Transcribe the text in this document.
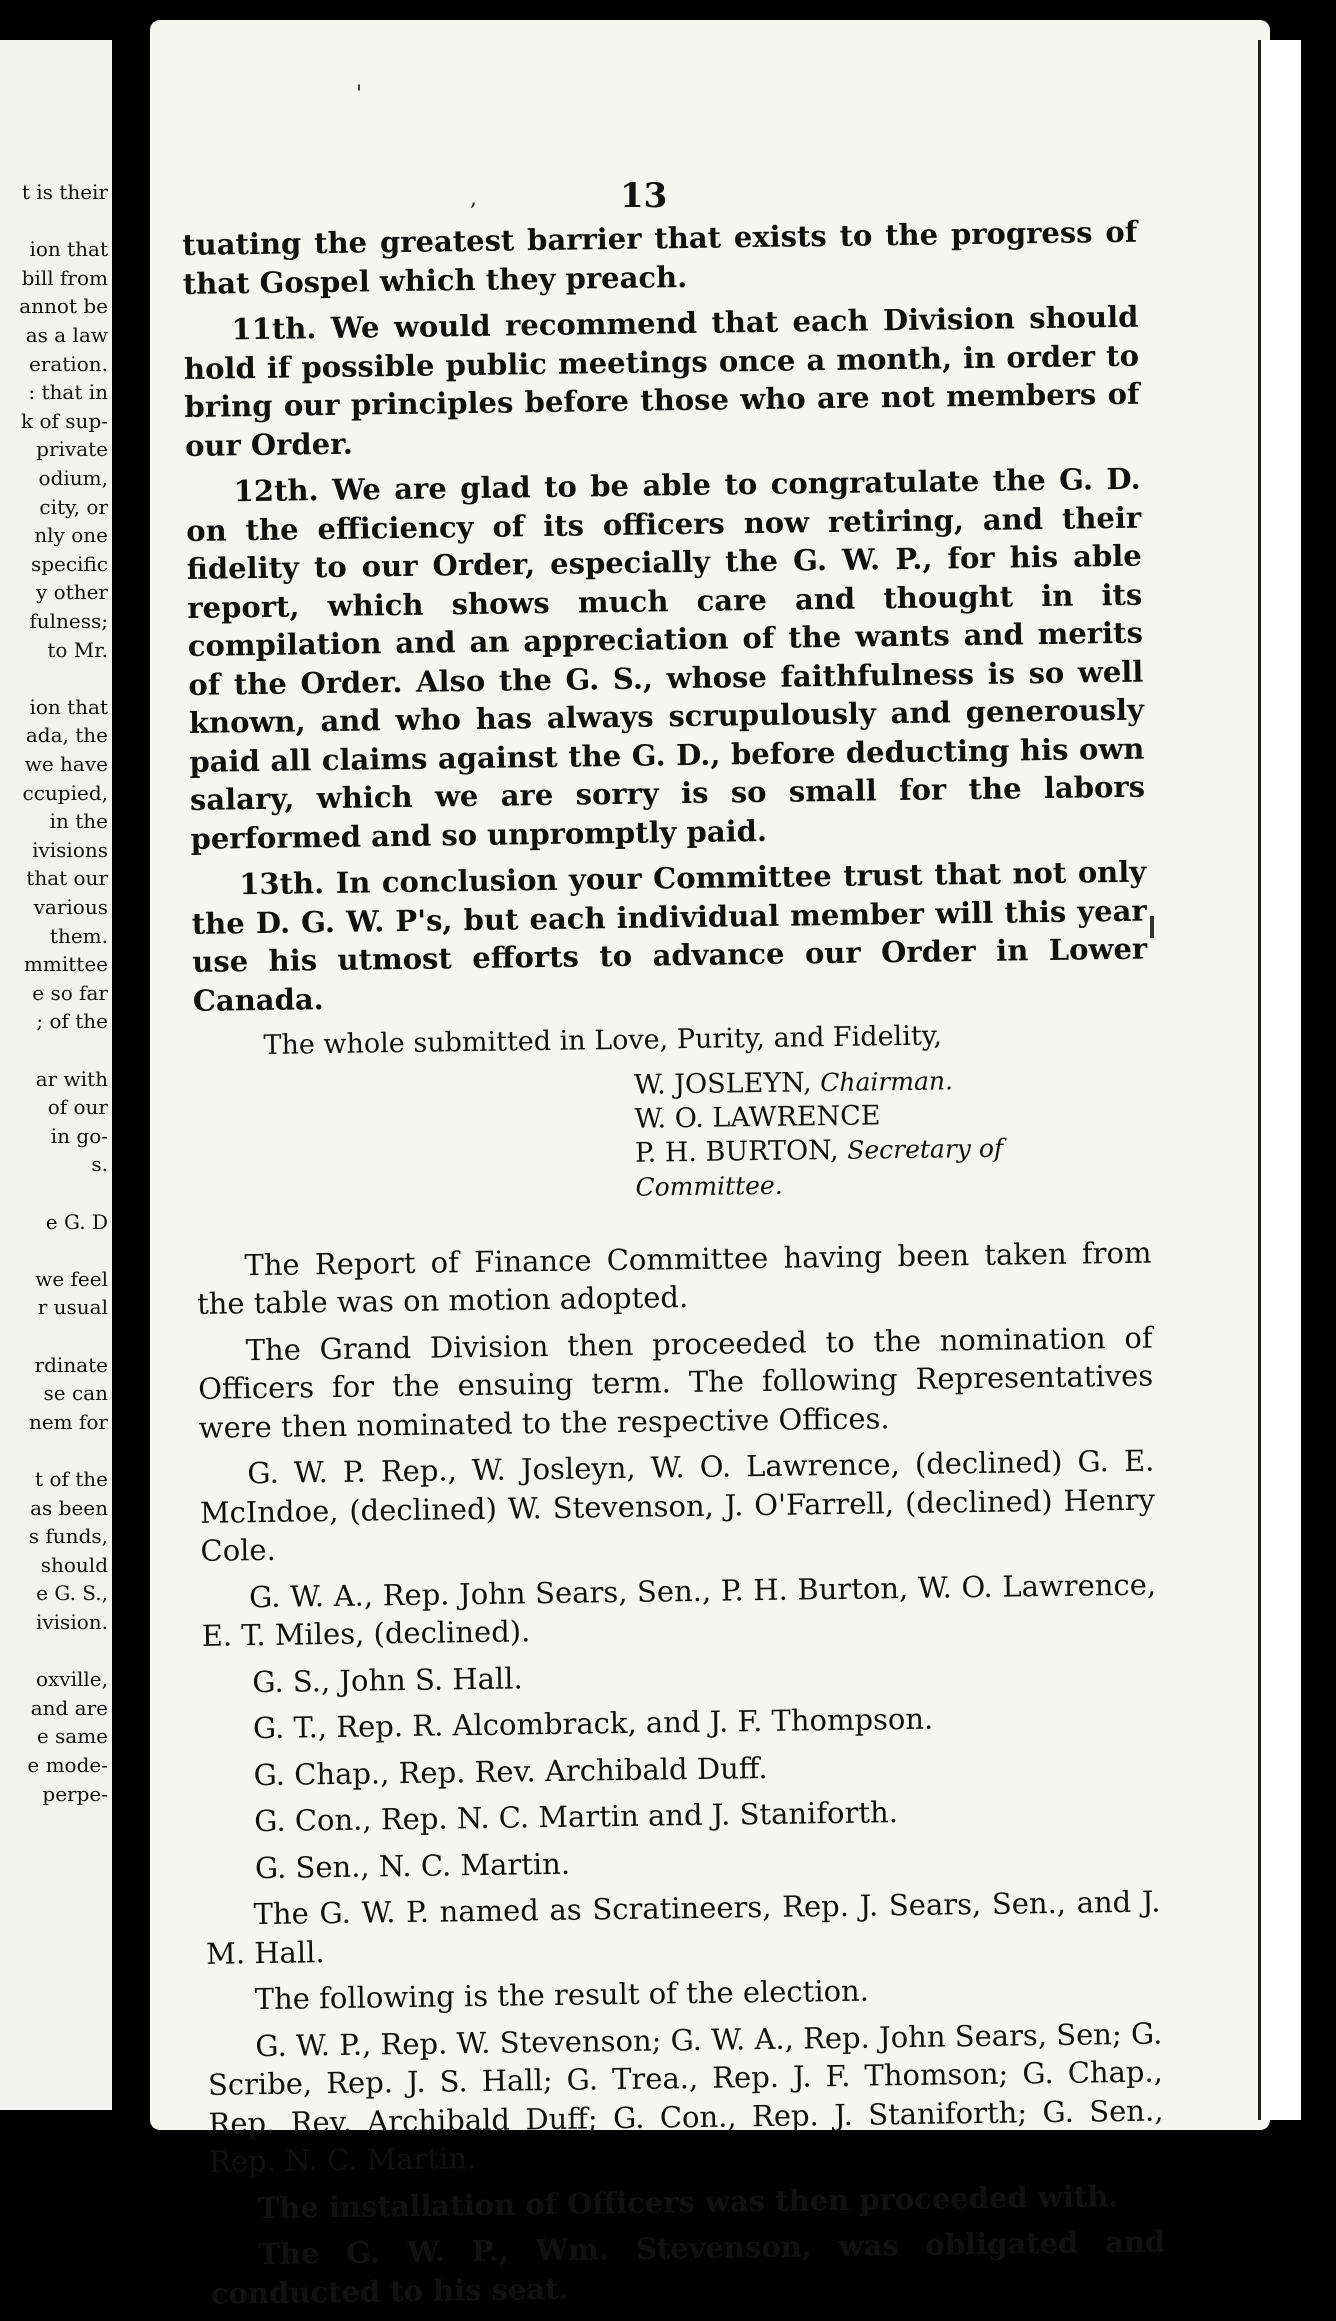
t is their
ion that
bill from
annot be
as a law
eration.
: that in
k of sup-
private
odium,
city, or
nly one
specific
y other
fulness;
to Mr.
ion that
ada, the
we have
ccupied,
in the
ivisions
that our
various
them.
mmittee
e so far
; of the
ar with
of our
in go-
s.
e G. D
we feel
r usual
rdinate
se can
nem for
t of the
as been
s funds,
should
e G. S.,
ivision.
oxville,
and are
e same
e mode-
perpe-
13

tuating the greatest barrier that exists to the progress of that Gospel which they preach.

11th. We would recommend that each Division should hold if possible public meetings once a month, in order to bring our principles before those who are not members of our Order.

12th. We are glad to be able to congratulate the G. D. on the efficiency of its officers now retiring, and their fidelity to our Order, especially the G. W. P., for his able report, which shows much care and thought in its compilation and an appreciation of the wants and merits of the Order. Also the G. S., whose faithfulness is so well known, and who has always scrupulously and generously paid all claims against the G. D., before deducting his own salary, which we are sorry is so small for the labors performed and so unpromptly paid.

13th. In conclusion your Committee trust that not only the D. G. W. P's, but each individual member will this year use his utmost efforts to advance our Order in Lower Canada.

The whole submitted in Love, Purity, and Fidelity,

W. JOSLEYN, Chairman.
W. O. LAWRENCE
P. H. BURTON, Secretary of Committee.

The Report of Finance Committee having been taken from the table was on motion adopted.

The Grand Division then proceeded to the nomination of Officers for the ensuing term. The following Representatives were then nominated to the respective Offices.

G. W. P. Rep., W. Josleyn, W. O. Lawrence, (declined) G. E. McIndoe, (declined) W. Stevenson, J. O'Farrell, (declined) Henry Cole.

G. W. A., Rep. John Sears, Sen., P. H. Burton, W. O. Lawrence, E. T. Miles, (declined).

G. S., John S. Hall.

G. T., Rep. R. Alcombrack, and J. F. Thompson.

G. Chap., Rep. Rev. Archibald Duff.

G. Con., Rep. N. C. Martin and J. Staniforth.

G. Sen., N. C. Martin.

The G. W. P. named as Scratineers, Rep. J. Sears, Sen., and J. M. Hall.

The following is the result of the election.

G. W. P., Rep. W. Stevenson; G. W. A., Rep. John Sears, Sen; G. Scribe, Rep. J. S. Hall; G. Trea., Rep. J. F. Thomson; G. Chap., Rep. Rev. Archibald Duff; G. Con., Rep. J. Staniforth; G. Sen., Rep. N. C. Martin.

The installation of Officers was then proceeded with.

The G. W. P., Wm. Stevenson, was obligated and conducted to his seat.

'
,
